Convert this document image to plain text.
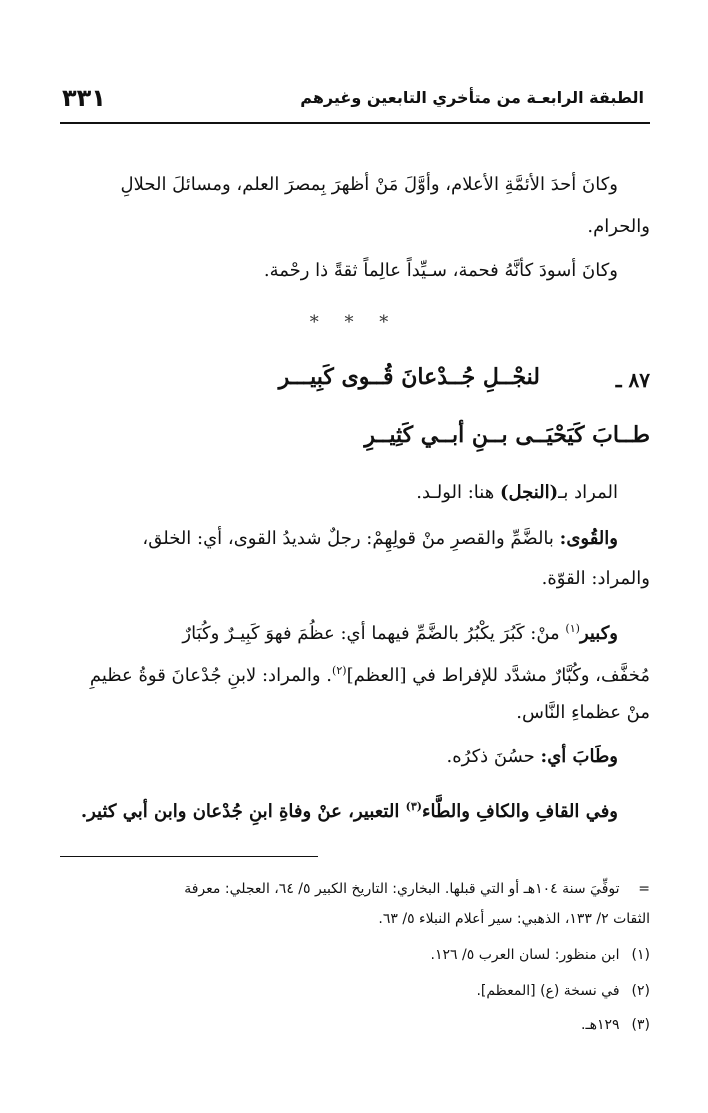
الطبقة الرابعـة من متأخري التابعين وغيرهم
٣٣١
وكانَ أحدَ الأئمَّةِ الأعلام، وأوَّلَ مَنْ أظهرَ بِمصرَ العلم، ومسائلَ الحلالِ
والحرام.
وكانَ أسودَ كأنَّهُ فحمة، سـيِّداً عالِماً ثقةً ذا رحْمة.
* * *
٨٧ ـ
لنجْــلِ جُــدْعانَ قُــوى كَبِيـــر
طــابَ كَيَحْيَــى بــنِ أبــي كَثِيــرِ
المراد بـ(النجل) هنا: الولـد.
والقُوى: بالضَّمِّ والقصرِ منْ قولِهِمْ: رجلٌ شديدُ القوى، أي: الخلق،
والمراد: القوّة.
وكبير$^{(١)}$ منْ: كَبُرَ يكْبُرُ بالضَّمِّ فيهما أي: عظُمَ فهوَ كَبِيـرٌ وكُبَارٌ
مُخفَّف، وكُبَّارٌ مشدَّد للإفراط في [العظم]$^{(٢)}$. والمراد: لابنِ جُدْعانَ قوةُ عظيمِ
منْ عظماءِ النَّاس.
وطَابَ أي: حسُنَ ذكرُه.
وفي القافِ والكافِ والطَّاء$^{(٣)}$ التعبير، عنْ وفاةِ ابنِ جُدْعان وابن أبي كثير.
= توفِّيَ سنة ١٠٤هـ أو التي قبلها. البخاري: التاريخ الكبير ٥/ ٦٤، العجلي: معرفة
الثقات ٢/ ١٣٣، الذهبي: سير أعلام النبلاء ٥/ ٦٣.
(١) ابن منظور: لسان العرب ٥/ ١٢٦.
(٢) في نسخة (ع) [المعظم].
(٣) ١٢٩هـ.
